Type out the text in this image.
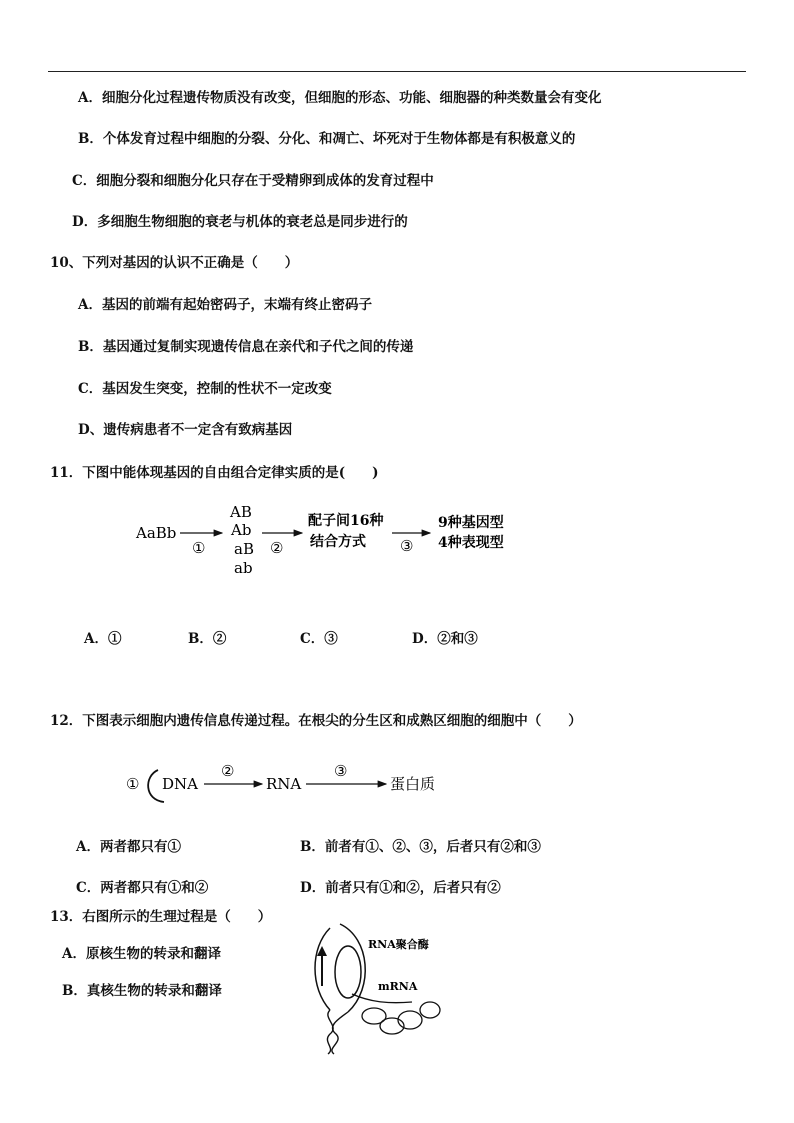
A．细胞分化过程遗传物质没有改变，但细胞的形态、功能、细胞器的种类数量会有变化
B．个体发育过程中细胞的分裂、分化、和凋亡、坏死对于生物体都是有积极意义的
C．细胞分裂和细胞分化只存在于受精卵到成体的发育过程中
D．多细胞生物细胞的衰老与机体的衰老总是同步进行的
10、下列对基因的认识不正确是（　　）
A．基因的前端有起始密码子，末端有终止密码子
B．基因通过复制实现遗传信息在亲代和子代之间的传递
C．基因发生突变，控制的性状不一定改变
D、遗传病患者不一定含有致病基因
11．下图中能体现基因的自由组合定律实质的是(　　)
AaBb
①
AB
Ab
aB
ab
②
配子间16种
结合方式 ③
9种基因型
4种表现型
A．①	B．②	C．③	D．②和③
12．下图表示细胞内遗传信息传递过程。在根尖的分生区和成熟区细胞的细胞中（　　）
① DNA
②
RNA
③
蛋白质
A．两者都只有①	B．前者有①、②、③，后者只有②和③
C．两者都只有①和②	D．前者只有①和②，后者只有②
13．右图所示的生理过程是（　　）
A．原核生物的转录和翻译
B．真核生物的转录和翻译
RNA聚合酶
mRNA
